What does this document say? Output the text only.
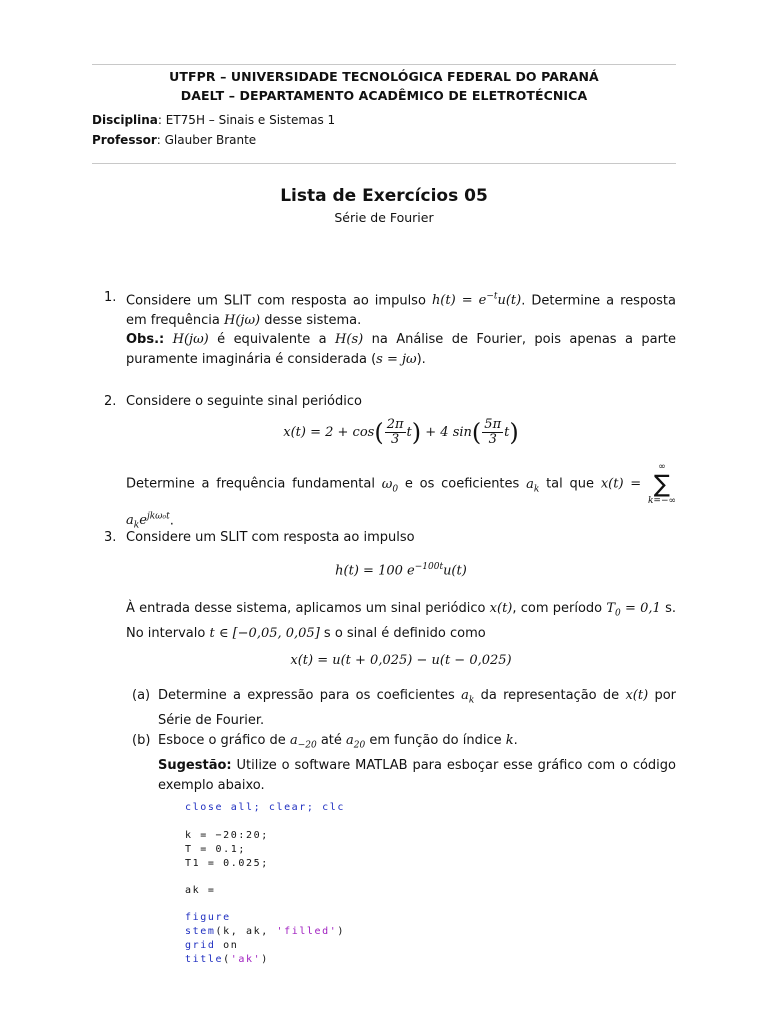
UTFPR – UNIVERSIDADE TECNOLÓGICA FEDERAL DO PARANÁ
DAELT – DEPARTAMENTO ACADÊMICO DE ELETROTÉCNICA
Disciplina: ET75H – Sinais e Sistemas 1
Professor: Glauber Brante
Lista de Exercícios 05
Série de Fourier
1. Considere um SLIT com resposta ao impulso $h(t) = e^{-t}u(t)$. Determine a resposta em frequência H(jω) desse sistema.
Obs.: H(jω) é equivalente a H(s) na Análise de Fourier, pois apenas a parte puramente imaginária é considerada (s = jω).
2. Considere o seguinte sinal periódico
$x(t) = 2 + \cos( \frac{2\pi}{3} t) + 4$ $\sin( \frac{5\pi}{3} t)$
Determine a frequência fundamental $\omega_0$ e os coeficientes $a_k$ tal que x(t) =
∞
∑
k=−∞
$a_ke^{jk\omega_0t}$.
3. Considere um SLIT com resposta ao impulso
h(t) = 100 $e^{-100t}u(t)$
À entrada desse sistema, aplicamos um sinal periódico x(t), com período $T_0 = 0,1$ s. No intervalo t ∈ [−0,05, 0,05] s o sinal é definido como
x(t) = u(t + 0,025) − u(t − 0,025)
(a) Determine a expressão para os coeficientes $a_k$ da representação de x(t) por Série de Fourier.
(b) Esboce o gráfico de $a_{-20}$ até $a_{20}$ em função do índice k.
Sugestão: Utilize o software MATLAB para esboçar esse gráfico com o código exemplo abaixo.
close all; clear; clc
k = −20:20;
T = 0.1;
T1 = 0.025;
ak =
figure
stem(k, ak, 'filled')
grid on
title('ak')
